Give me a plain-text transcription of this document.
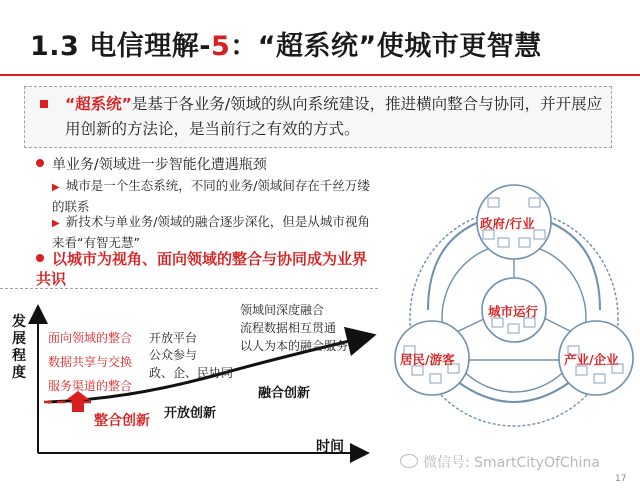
1.3 电信理解-5：“超系统”使城市更智慧
“超系统”是基于各业务/领域的纵向系统建设，推进横向整合与协同，并开展应用创新的方法论，是当前行之有效的方式。
单业务/领域进一步智能化遭遇瓶颈
▶ 城市是一个生态系统，不同的业务/领域间存在千丝万缕的联系
▶ 新技术与单业务/领域的融合逐步深化，但是从城市视角来看“有智无慧”
以城市为视角、面向领域的整合与协同成为业界共识
发展程度
时间
面向领域的整合
数据共享与交换
服务渠道的整合
开放平台
公众参与
政、企、民协同
领域间深度融合
流程数据相互贯通
以人为本的融合服务
整合创新 开放创新
融合创新
政府/行业
城市运行
居民/游客	产业/企业
微信号: SmartCityOfChina
17
